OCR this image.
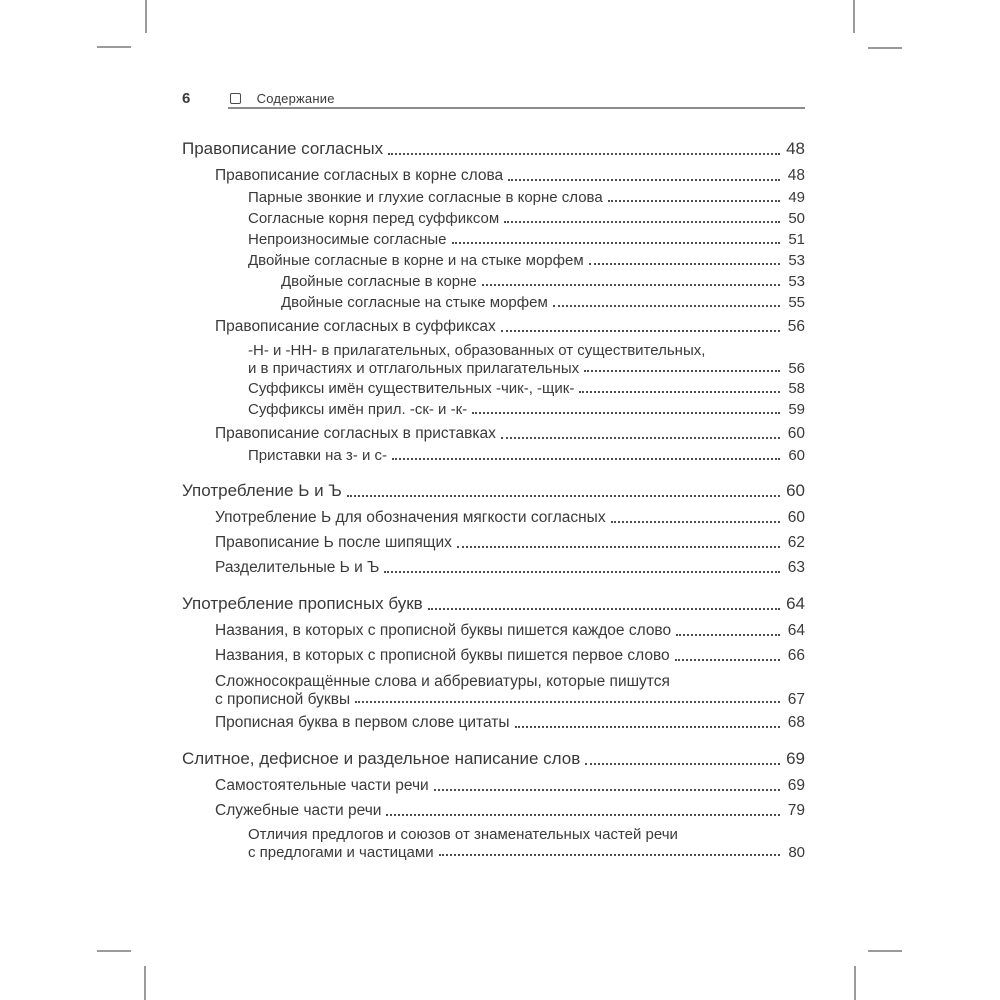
6	Содержание
Правописание согласных	48
Правописание согласных в корне слова	48
Парные звонкие и глухие согласные в корне слова	49
Согласные корня перед суффиксом	50
Непроизносимые согласные	51
Двойные согласные в корне и на стыке морфем	53
Двойные согласные в корне	53
Двойные согласные на стыке морфем	55
Правописание согласных в суффиксах	56
-Н- и -НН- в прилагательных, образованных от существительных,
и в причастиях и отглагольных прилагательных	56
Суффиксы имён существительных -чик-, -щик-	58
Суффиксы имён прил. -ск- и -к-	59
Правописание согласных в приставках	60
Приставки на з- и с-	60
Употребление Ь и Ъ	60
Употребление Ь для обозначения мягкости согласных	60
Правописание Ь после шипящих	62
Разделительные Ь и Ъ	63
Употребление прописных букв	64
Названия, в которых с прописной буквы пишется каждое слово	64
Названия, в которых с прописной буквы пишется первое слово	66
Сложносокращённые слова и аббревиатуры, которые пишутся
с прописной буквы	67
Прописная буква в первом слове цитаты	68
Слитное, дефисное и раздельное написание слов	69
Самостоятельные части речи	69
Служебные части речи	79
Отличия предлогов и союзов от знаменательных частей речи
с предлогами и частицами	80
